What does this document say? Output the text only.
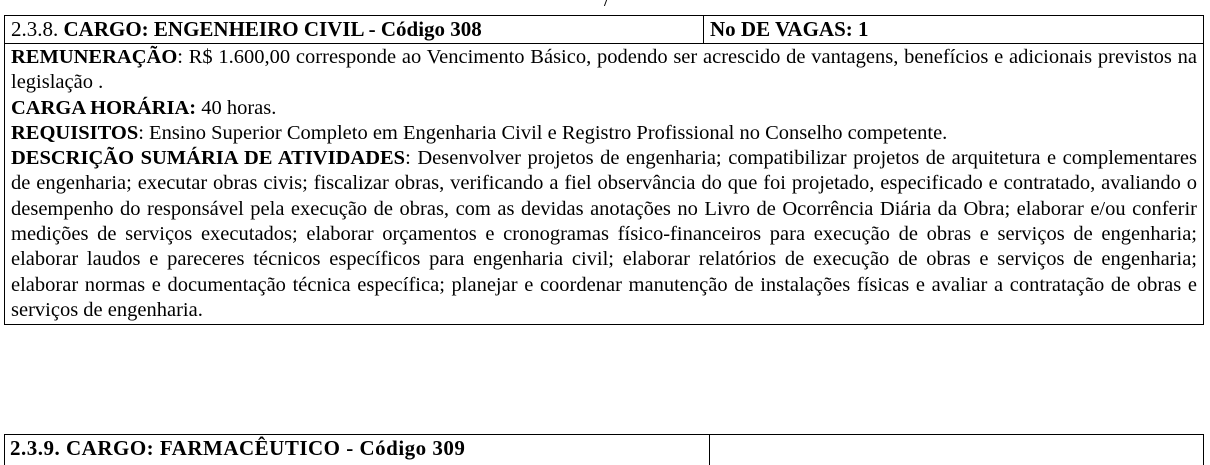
2.3.8. CARGO: ENGENHEIRO CIVIL - Código 308	No DE VAGAS: 1

REMUNERAÇÃO: R$ 1.600,00 corresponde ao Vencimento Básico, podendo ser acrescido de vantagens, benefícios e adicionais previstos na legislação .

CARGA HORÁRIA: 40 horas.

REQUISITOS: Ensino Superior Completo em Engenharia Civil e Registro Profissional no Conselho competente.

DESCRIÇÃO SUMÁRIA DE ATIVIDADES: Desenvolver projetos de engenharia; compatibilizar projetos de arquitetura e complementares de engenharia; executar obras civis; fiscalizar obras, verificando a fiel observância do que foi projetado, especificado e contratado, avaliando o desempenho do responsável pela execução de obras, com as devidas anotações no Livro de Ocorrência Diária da Obra; elaborar e/ou conferir medições de serviços executados; elaborar orçamentos e cronogramas físico-financeiros para execução de obras e serviços de engenharia; elaborar laudos e pareceres técnicos específicos para engenharia civil; elaborar relatórios de execução de obras e serviços de engenharia; elaborar normas e documentação técnica específica; planejar e coordenar manutenção de instalações físicas e avaliar a contratação de obras e serviços de engenharia.

2.3.9. CARGO: FARMACÊUTICO - Código 309
